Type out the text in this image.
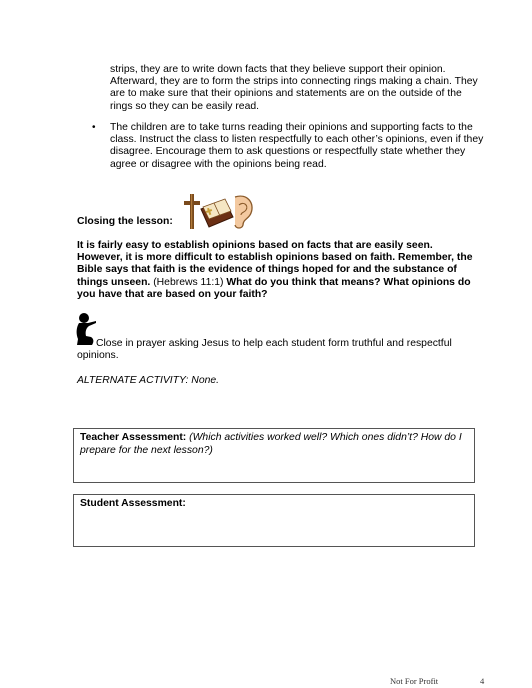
strips, they are to write down facts that they believe support their opinion.
Afterward, they are to form the strips into connecting rings making a chain. They
are to make sure that their opinions and statements are on the outside of the
rings so they can be easily read.
• The children are to take turns reading their opinions and supporting facts to the
class. Instruct the class to listen respectfully to each other’s opinions, even if they
disagree. Encourage them to ask questions or respectfully state whether they
agree or disagree with the opinions being read.
Closing the lesson:
It is fairly easy to establish opinions based on facts that are easily seen.
However, it is more difficult to establish opinions based on faith. Remember, the
Bible says that faith is the evidence of things hoped for and the substance of
things unseen. (Hebrews 11:1) What do you think that means? What opinions do
you have that are based on your faith?
Close in prayer asking Jesus to help each student form truthful and respectful
opinions.
ALTERNATE ACTIVITY: None.
Teacher Assessment: (Which activities worked well? Which ones didn’t? How do I
prepare for the next lesson?)
Student Assessment:
Not For Profit	4
